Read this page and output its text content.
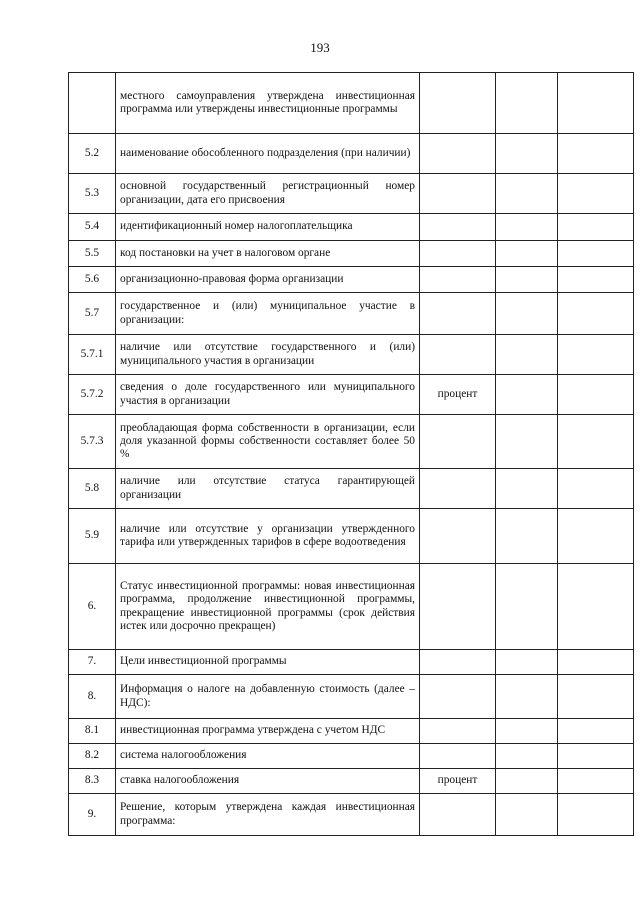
193
	местного самоуправления утверждена инвестиционная программа или утверждены инвестиционные программы			
5.2	наименование обособленного подразделения (при наличии)			
5.3	основной государственный регистрационный номер организации, дата его присвоения			
5.4	идентификационный номер налогоплательщика			
5.5	код постановки на учет в налоговом органе			
5.6	организационно-правовая форма организации			
5.7	государственное и (или) муниципальное участие в организации:			
5.7.1	наличие или отсутствие государственного и (или) муниципального участия в организации			
5.7.2	сведения о доле государственного или муниципального участия в организации	процент		
5.7.3	преобладающая форма собственности в организации, если доля указанной формы собственности составляет более 50 %			
5.8	наличие или отсутствие статуса гарантирующей организации			
5.9	наличие или отсутствие у организации утвержденного тарифа или утвержденных тарифов в сфере водоотведения			
6.	Статус инвестиционной программы: новая инвестиционная программа, продолжение инвестиционной программы, прекращение инвестиционной программы (срок действия истек или досрочно прекращен)			
7.	Цели инвестиционной программы			
8.	Информация о налоге на добавленную стоимость (далее – НДС):			
8.1	инвестиционная программа утверждена с учетом НДС			
8.2	система налогообложения			
8.3	ставка налогообложения	процент		
9.	Решение, которым утверждена каждая инвестиционная программа:			
